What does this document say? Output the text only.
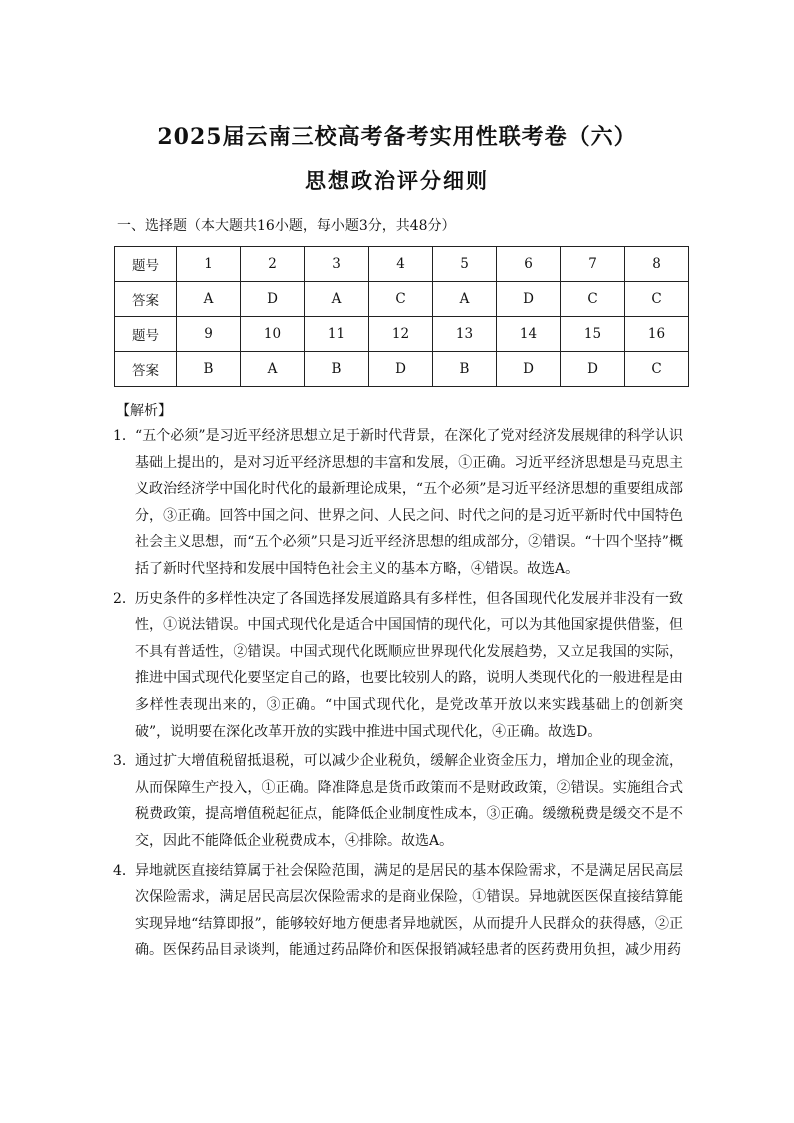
2025届云南三校高考备考实用性联考卷（六）
思想政治评分细则
一、选择题（本大题共16小题，每小题3分，共48分）
题号	1	2	3	4	5	6	7	8
答案	A	D	A	C	A	D	C	C
题号	9	10	11	12	13	14	15	16
答案	B	A	B	D	B	D	D	C
【解析】
1． “五个必须”是习近平经济思想立足于新时代背景，在深化了党对经济发展规律的科学认识基础上提出的，是对习近平经济思想的丰富和发展，①正确。习近平经济思想是马克思主义政治经济学中国化时代化的最新理论成果，“五个必须”是习近平经济思想的重要组成部分，③正确。回答中国之问、世界之问、人民之问、时代之问的是习近平新时代中国特色社会主义思想，而“五个必须”只是习近平经济思想的组成部分，②错误。“十四个坚持”概括了新时代坚持和发展中国特色社会主义的基本方略，④错误。故选A。
2． 历史条件的多样性决定了各国选择发展道路具有多样性，但各国现代化发展并非没有一致性，①说法错误。中国式现代化是适合中国国情的现代化，可以为其他国家提供借鉴，但不具有普适性，②错误。中国式现代化既顺应世界现代化发展趋势，又立足我国的实际，推进中国式现代化要坚定自己的路，也要比较别人的路，说明人类现代化的一般进程是由多样性表现出来的，③正确。“中国式现代化，是党改革开放以来实践基础上的创新突破”，说明要在深化改革开放的实践中推进中国式现代化，④正确。故选D。
3． 通过扩大增值税留抵退税，可以减少企业税负，缓解企业资金压力，增加企业的现金流，从而保障生产投入，①正确。降准降息是货币政策而不是财政政策，②错误。实施组合式税费政策，提高增值税起征点，能降低企业制度性成本，③正确。缓缴税费是缓交不是不交，因此不能降低企业税费成本，④排除。故选A。
4． 异地就医直接结算属于社会保险范围，满足的是居民的基本保险需求，不是满足居民高层次保险需求，满足居民高层次保险需求的是商业保险，①错误。异地就医医保直接结算能实现异地“结算即报”，能够较好地方便患者异地就医，从而提升人民群众的获得感，②正确。医保药品目录谈判，能通过药品降价和医保报销减轻患者的医药费用负担，减少用药
